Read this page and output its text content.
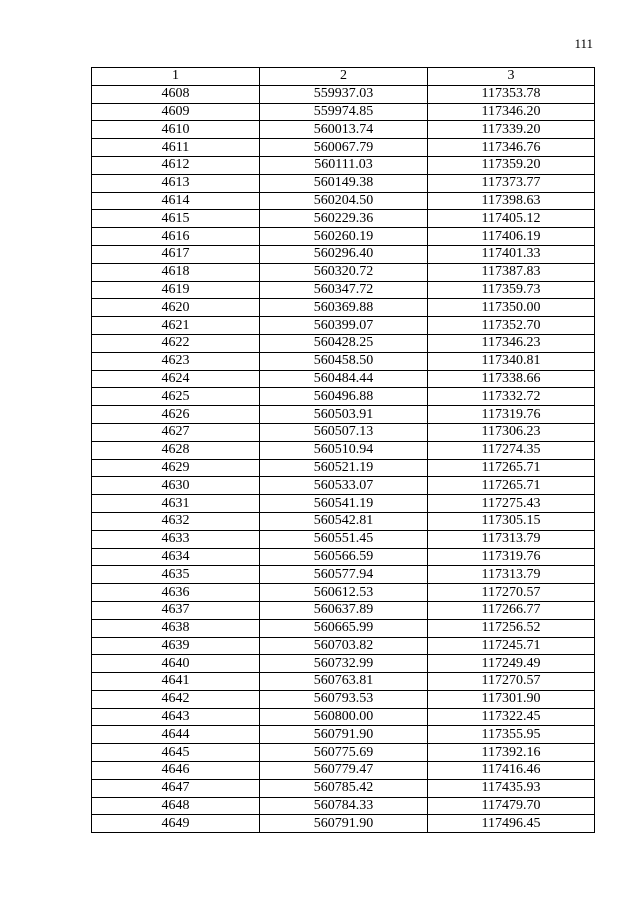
111
1	2	3
4608	559937.03	117353.78
4609	559974.85	117346.20
4610	560013.74	117339.20
4611	560067.79	117346.76
4612	560111.03	117359.20
4613	560149.38	117373.77
4614	560204.50	117398.63
4615	560229.36	117405.12
4616	560260.19	117406.19
4617	560296.40	117401.33
4618	560320.72	117387.83
4619	560347.72	117359.73
4620	560369.88	117350.00
4621	560399.07	117352.70
4622	560428.25	117346.23
4623	560458.50	117340.81
4624	560484.44	117338.66
4625	560496.88	117332.72
4626	560503.91	117319.76
4627	560507.13	117306.23
4628	560510.94	117274.35
4629	560521.19	117265.71
4630	560533.07	117265.71
4631	560541.19	117275.43
4632	560542.81	117305.15
4633	560551.45	117313.79
4634	560566.59	117319.76
4635	560577.94	117313.79
4636	560612.53	117270.57
4637	560637.89	117266.77
4638	560665.99	117256.52
4639	560703.82	117245.71
4640	560732.99	117249.49
4641	560763.81	117270.57
4642	560793.53	117301.90
4643	560800.00	117322.45
4644	560791.90	117355.95
4645	560775.69	117392.16
4646	560779.47	117416.46
4647	560785.42	117435.93
4648	560784.33	117479.70
4649	560791.90	117496.45
